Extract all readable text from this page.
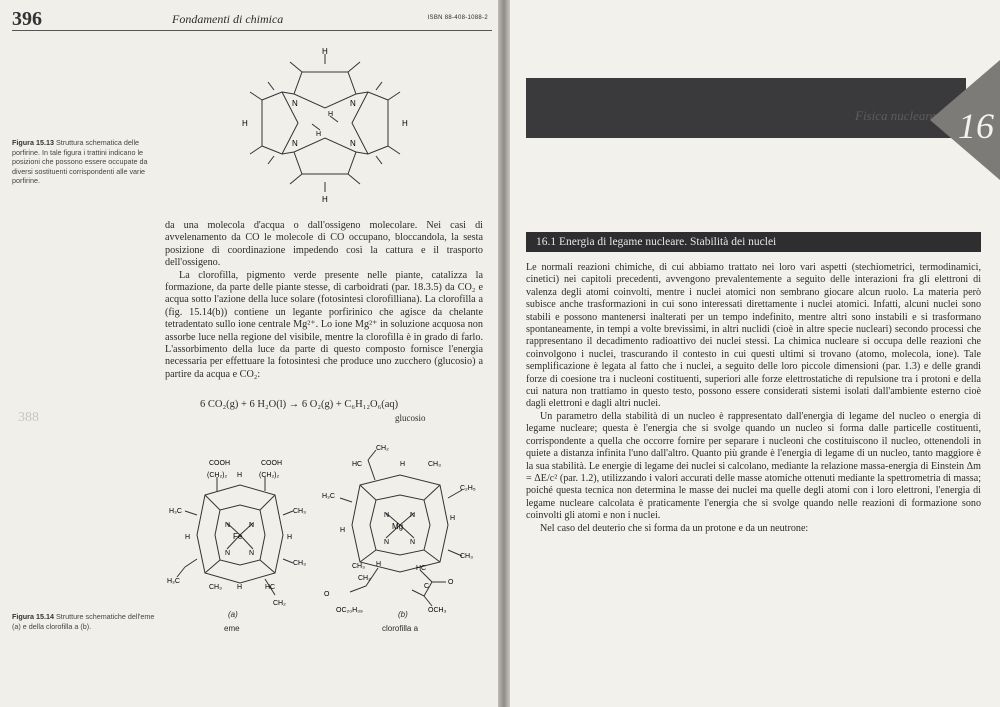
396	Fondamenti di chimica	ISBN 88-408-1088-2
H
H
H	H
N	N
N	N
H
H
Figura 15.13 Struttura schematica delle porfirine. In tale figura i trattini indicano le posizioni che possono essere occupate da diversi sostituenti corrispondenti alle varie porfirine.

da una molecola d'acqua o dall'ossigeno molecolare. Nei casi di avvelenamento da CO le molecole di CO occupano, bloccandola, la sesta posizione di coordinazione impedendo così la cattura e il trasporto dell'ossigeno.

La clorofilla, pigmento verde presente nelle piante, catalizza la formazione, da parte delle piante stesse, di carboidrati (par. 18.3.5) da CO₂ e acqua sotto l'azione della luce solare (fotosintesi clorofilliana). La clorofilla a (fig. 15.14(b)) contiene un legante porfirinico che agisce da chelante tetradentato sullo ione centrale Mg²⁺. Lo ione Mg²⁺ in soluzione acquosa non assorbe luce nella regione del visibile, mentre la clorofilla è in grado di farlo. L'assorbimento della luce da parte di questo composto fornisce l'energia necessaria per effettuare la fotosintesi che produce uno zucchero (glucosio) a partire da acqua e CO₂:

6 CO₂(g) + 6 H₂O(l) → 6 O₂(g) + C₆H₁₂O₆(aq)
glucosio
388
COOH	COOH
(CH₂)₂	(CH₂)₂
H
H₃C	CH₃
N	N
Fe
N	N
H	H
CH₃
H₃C
CH₃ H	HC
CH₂
CH₂
HC	H	CH₃
H₃C
C₂H₅
N	N
Mg
N	N
H
H
CH₃
CH₃ H
HC
O
C
OCH₃
CH₂
O
OC₂₀H₃₉
(a)
eme
(b)
clorofilla a
Figura 15.14 Strutture schematiche dell'eme (a) e della clorofilla a (b).
Fisica nucleare 16
16.1 Energia di legame nucleare. Stabilità dei nuclei

Le normali reazioni chimiche, di cui abbiamo trattato nei loro vari aspetti (stechiometrici, termodinamici, cinetici) nei capitoli precedenti, avvengono prevalentemente a seguito delle interazioni fra gli elettroni di valenza degli atomi coinvolti, mentre i nuclei atomici non sembrano giocare alcun ruolo. La materia però subisce anche trasformazioni in cui sono interessati direttamente i nuclei atomici. Infatti, alcuni nuclei sono stabili e possono mantenersi inalterati per un tempo indefinito, mentre altri sono instabili e si trasformano spontaneamente, in tempi a volte brevissimi, in altri nuclidi (cioè in altre specie nucleari) secondo processi che rappresentano il decadimento radioattivo dei nuclei stessi. La chimica nucleare si occupa delle reazioni che coinvolgono i nuclei, trascurando il contesto in cui questi ultimi si trovano (atomo, molecola, ione). Tale semplificazione è legata al fatto che i nuclei, a seguito delle loro piccole dimensioni (par. 1.3) e delle grandi forze di coesione tra i nucleoni costituenti, superiori alle forze elettrostatiche di repulsione tra i protoni e della cui natura non trattiamo in questo testo, possono essere considerati sistemi isolati dall'ambiente esterno cioè dagli elettroni e dagli altri nuclei.

Un parametro della stabilità di un nucleo è rappresentato dall'energia di legame del nucleo o energia di legame nucleare; questa è l'energia che si svolge quando un nucleo si forma dalle particelle costituenti, corrispondente a quella che occorre fornire per separare i nucleoni che costituiscono il nucleo, ottenendoli in quiete a distanza infinita l'uno dall'altro. Quanto più grande è l'energia di legame di un nucleo, tanto maggiore è la sua stabilità. Le energie di legame dei nuclei si calcolano, mediante la relazione massa-energia di Einstein Δm = ΔE/c² (par. 1.2), utilizzando i valori accurati delle masse atomiche ottenuti mediante la spettrometria di massa; poiché questa tecnica non determina le masse dei nuclei ma quelle degli atomi con i loro elettroni, l'energia di legame nucleare calcolata è praticamente l'energia che si svolge quando nelle reazioni di formazione sono coinvolti gli atomi e non i nuclei.

Nel caso del deuterio che si forma da un protone e da un neutrone:
